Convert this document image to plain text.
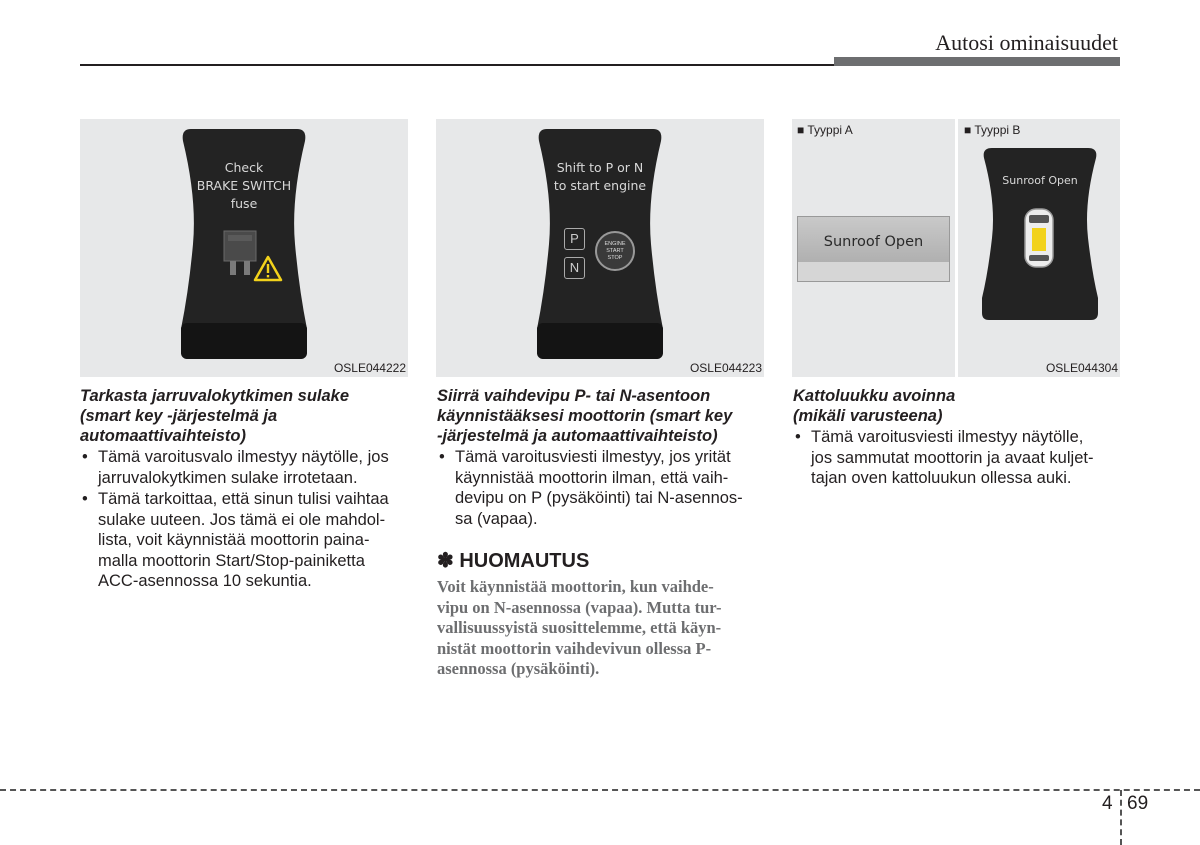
Autosi ominaisuudet
Check
BRAKE SWITCH
fuse
OSLE044222
Shift to P or N
to start engine
P
N
ENGINE
START
STOP
OSLE044223
■ Tyyppi A	■ Tyyppi B
Sunroof Open
Sunroof Open
OSLE044304
Tarkasta jarruvalokytkimen sulake
(smart key -järjestelmä ja
automaattivaihteisto)
• Tämä varoitusvalo ilmestyy näytölle, jos
jarruvalokytkimen sulake irrotetaan.
• Tämä tarkoittaa, että sinun tulisi vaihtaa
sulake uuteen. Jos tämä ei ole mahdol-
lista, voit käynnistää moottorin paina-
malla moottorin Start/Stop-painiketta
ACC-asennossa 10 sekuntia.
Siirrä vaihdevipu P- tai N-asentoon
käynnistääksesi moottorin (smart key
-järjestelmä ja automaattivaihteisto)
• Tämä varoitusviesti ilmestyy, jos yrität
käynnistää moottorin ilman, että vaih-
devipu on P (pysäköinti) tai N-asennos-
sa (vapaa).
✽ HUOMAUTUS
Voit käynnistää moottorin, kun vaihde-
vipu on N-asennossa (vapaa). Mutta tur-
vallisuussyistä suosittelemme, että käyn-
nistät moottorin vaihdevivun ollessa P-
asennossa (pysäköinti).
Kattoluukku avoinna
(mikäli varusteena)
• Tämä varoitusviesti ilmestyy näytölle,
jos sammutat moottorin ja avaat kuljet-
tajan oven kattoluukun ollessa auki.
4 69
